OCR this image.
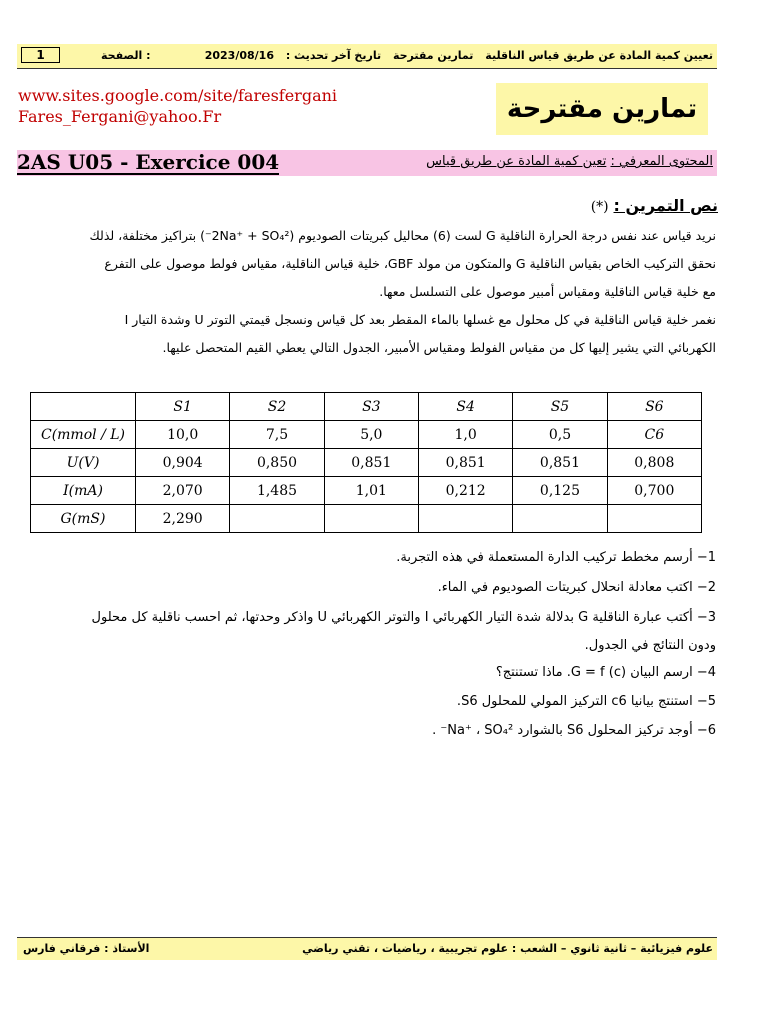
تعيين كمية المادة عن طريق قياس الناقلية تمارين مقترحة تاريخ آخر تحديث : 2023/08/16
الصفحة :
1
www.sites.google.com/site/faresfergani
Fares_Fergani@yahoo.Fr	تمارين مقترحة
2AS U05 - Exercice 004	المحتوى المعرفي : تعين كمية المادة عن طريق قياس
نص التمرين : (*)
نريد قياس عند نفس درجة الحرارة الناقلية G لست (6) محاليل كبريتات الصوديوم (2Na⁺ + SO₄²⁻) بتراكيز مختلفة، لذلك
نحقق التركيب الخاص بقياس الناقلية G والمتكون من مولد GBF، خلية قياس الناقلية، مقياس فولط موصول على التفرع
مع خلية قياس الناقلية ومقياس أمبير موصول على التسلسل معها.
نغمر خلية قياس الناقلية في كل محلول مع غسلها بالماء المقطر بعد كل قياس ونسجل قيمتي التوتر U وشدة التيار I
الكهربائي التي يشير إليها كل من مقياس الفولط ومقياس الأمبير، الجدول التالي يعطي القيم المتحصل عليها.
	S1	S2	S3	S4	S5	S6
C(mmol / L)	10,0	7,5	5,0	1,0	0,5	C6
U(V)	0,904	0,850	0,851	0,851	0,851	0,808
I(mA)	2,070	1,485	1,01	0,212	0,125	0,700
G(mS)	2,290					
1− أرسم مخطط تركيب الدارة المستعملة في هذه التجربة.
2− اكتب معادلة انحلال كبريتات الصوديوم في الماء.
3− أكتب عبارة الناقلية G بدلالة شدة التيار الكهربائي I والتوتر الكهربائي U واذكر وحدتها، ثم احسب ناقلية كل محلول
ودون النتائج في الجدول.
4− ارسم البيان G = f (c). ماذا تستنتج؟
5− استنتج بيانيا c6 التركيز المولي للمحلول S6.
6− أوجد تركيز المحلول S6 بالشوارد Na⁺ ، SO₄²⁻ .
علوم فيزيائية – ثانية ثانوي – الشعب : علوم تجريبية ، رياضيات ، تقني رياضي
الأستاذ : فرقاني فارس
